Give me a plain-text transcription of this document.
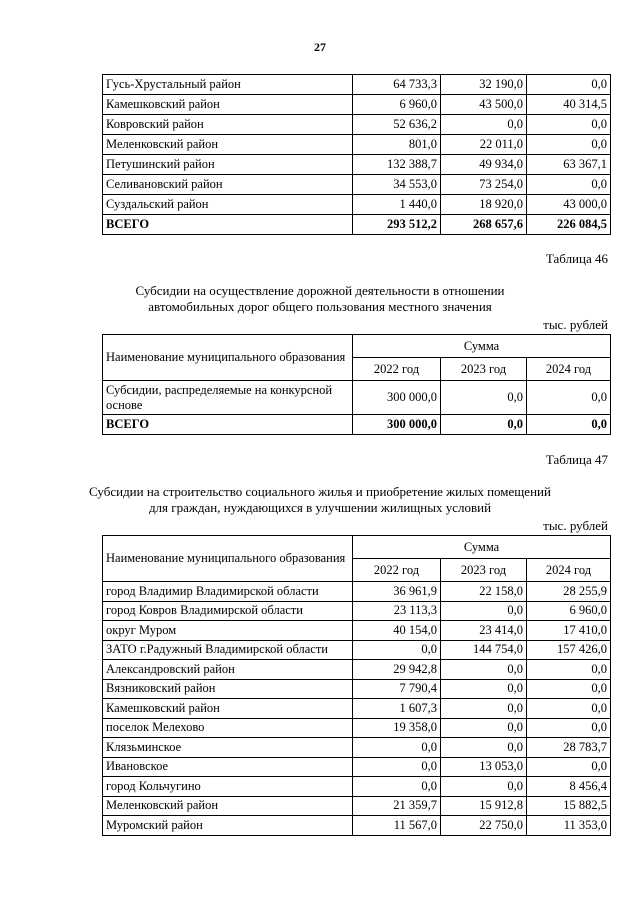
27
Гусь-Хрустальный район	64 733,3	32 190,0	0,0
Камешковский район	6 960,0	43 500,0	40 314,5
Ковровский район	52 636,2	0,0	0,0
Меленковский район	801,0	22 011,0	0,0
Петушинский район	132 388,7	49 934,0	63 367,1
Селивановский район	34 553,0	73 254,0	0,0
Суздальский район	1 440,0	18 920,0	43 000,0
ВСЕГО	293 512,2	268 657,6	226 084,5
Таблица 46
Субсидии на осуществление дорожной деятельности в отношении
автомобильных дорог общего пользования местного значения
тыс. рублей
Наименование муниципального образования	Сумма		
	2022 год	2023 год	2024 год
Субсидии, распределяемые на конкурсной основе	300 000,0	0,0	0,0
ВСЕГО	300 000,0	0,0	0,0
Таблица 47
Субсидии на строительство социального жилья и приобретение жилых помещений
для граждан, нуждающихся в улучшении жилищных условий
тыс. рублей
Наименование муниципального образования	Сумма		
	2022 год	2023 год	2024 год
город Владимир Владимирской области	36 961,9	22 158,0	28 255,9
город Ковров Владимирской области	23 113,3	0,0	6 960,0
округ Муром	40 154,0	23 414,0	17 410,0
ЗАТО г.Радужный Владимирской области	0,0	144 754,0	157 426,0
Александровский район	29 942,8	0,0	0,0
Вязниковский район	7 790,4	0,0	0,0
Камешковский район	1 607,3	0,0	0,0
поселок Мелехово	19 358,0	0,0	0,0
Клязьминское	0,0	0,0	28 783,7
Ивановское	0,0	13 053,0	0,0
город Кольчугино	0,0	0,0	8 456,4
Меленковский район	21 359,7	15 912,8	15 882,5
Муромский район	11 567,0	22 750,0	11 353,0
